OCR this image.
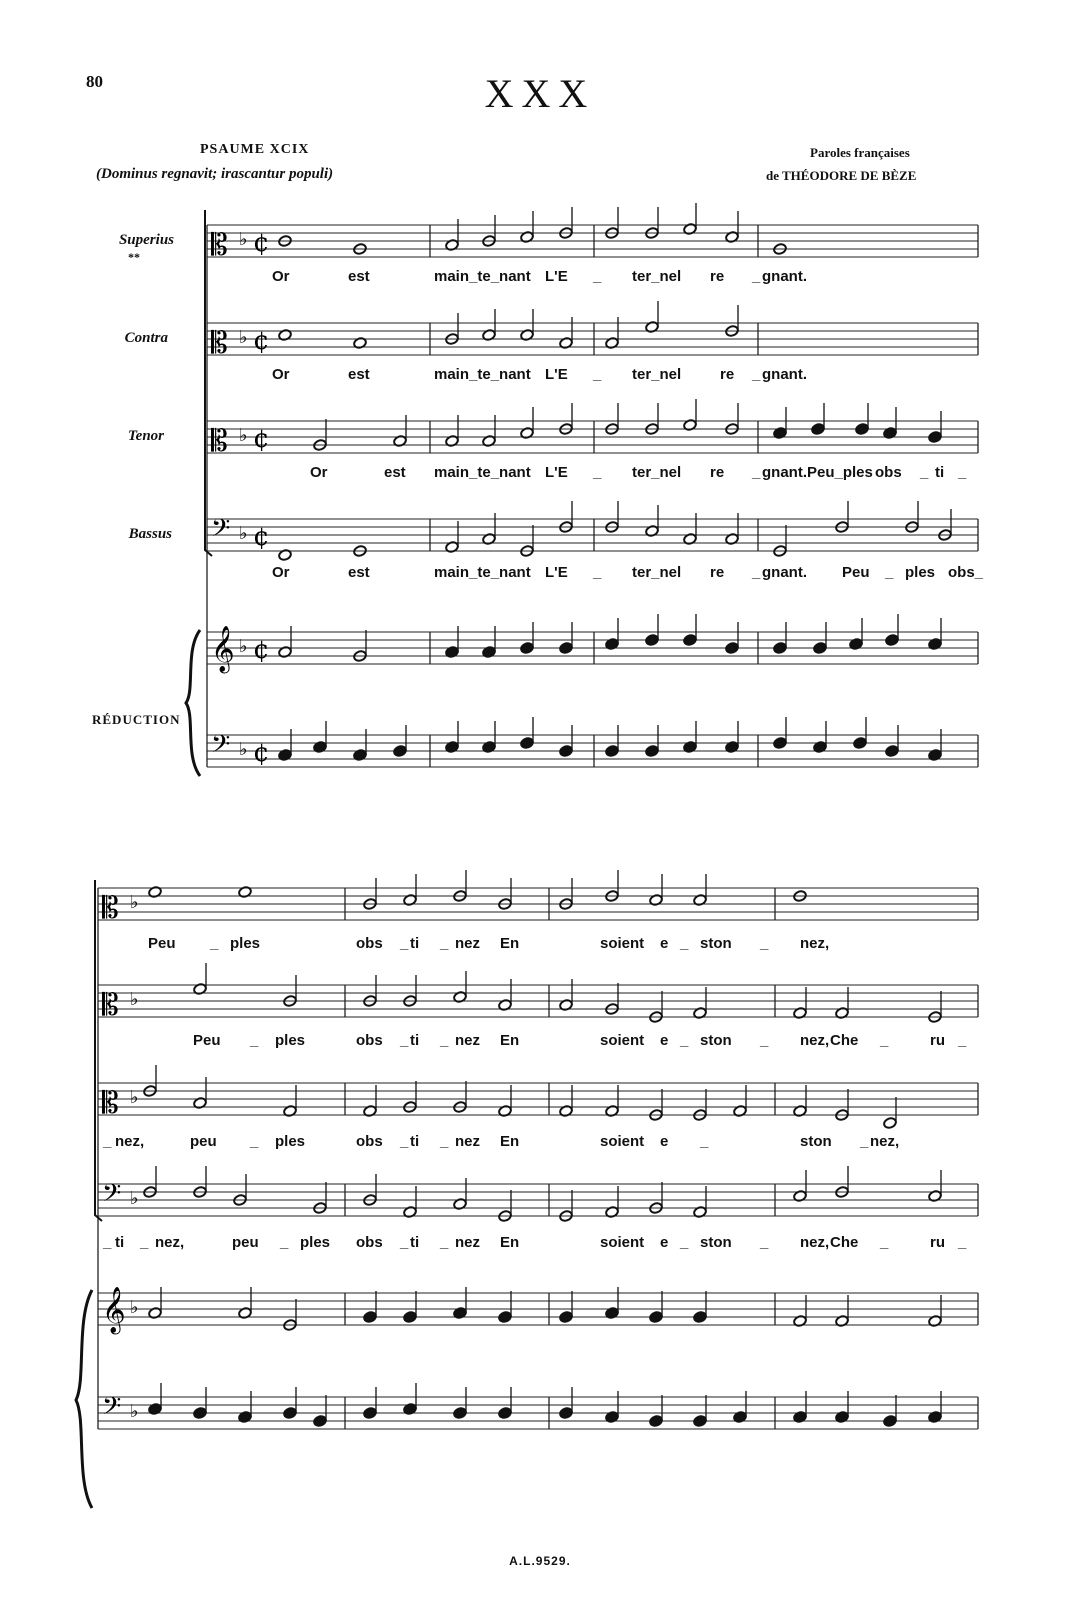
80	XXX
PSAUME XCIX
(Dominus regnavit; irascantur populi)
Paroles françaises
de THÉODORE DE BÈZE
Superius
**
Contra
Tenor
Bassus
RÉDUCTION
𝄡 ♭ ¢
𝄡 ♭ ¢
𝄡 ♭ ¢
𝄢 ♭ ¢
𝄞 ♭ ¢
𝄢 ♭ ¢
𝄡 ♭
𝄡 ♭
𝄡 ♭
𝄢 ♭
𝄞 ♭
𝄢 ♭
Or	est	main_te_nant L'E _ ter_nel re _ gnant.
Or	est	main_te_nant L'E _ ter_nel	re _ gnant.
Or	est main_te_nant L'E _ ter_nel re _ gnant.Peu_ples obs _ ti _
Or	est	main_te_nant L'E _ ter_nel re _ gnant. Peu _ ples obs_
Peu _ ples	obs _ ti _ nez En	soient e _ ston _ nez,
Peu _ ples	obs _ ti _ nez En	soient e _ ston _ nez, Che _	ru _
_ nez,	peu _ ples	obs _ ti _ nez En	soient e _	ston _ nez,
_ ti _ nez,	peu _ ples obs _ ti _ nez En	soient e _ ston _ nez, Che _	ru _
A.L.9529.
